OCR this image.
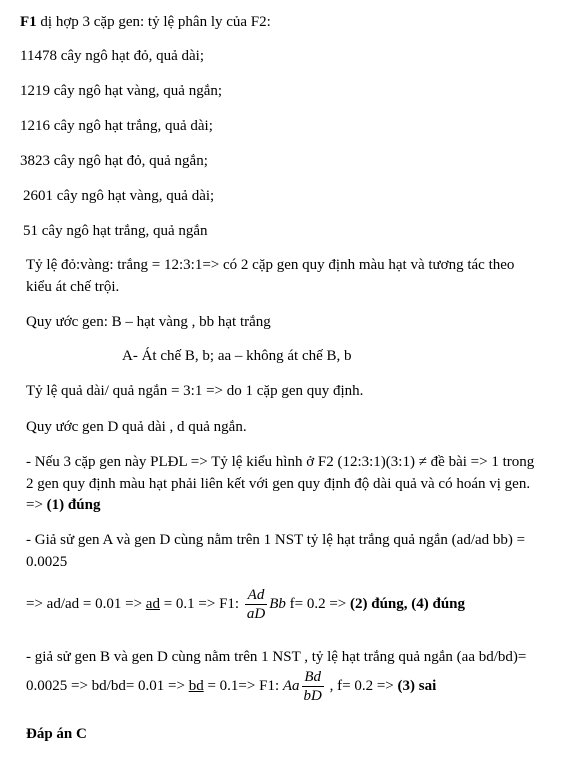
F1 dị hợp 3 cặp gen: tỷ lệ phân ly của F2:
11478 cây ngô hạt đỏ, quả dài;
1219 cây ngô hạt vàng, quả ngắn;
1216 cây ngô hạt trắng, quả dài;
3823 cây ngô hạt đỏ, quả ngắn;
2601 cây ngô hạt vàng, quả dài;
51 cây ngô hạt trắng, quả ngắn
Tỷ lệ đỏ:vàng: trắng = 12:3:1=> có 2 cặp gen quy định màu hạt và tương tác theo
kiểu át chế trội.
Quy ước gen: B – hạt vàng , bb hạt trắng
A- Át chế B, b; aa – không át chế B, b
Tỷ lệ quả dài/ quả ngắn = 3:1 => do 1 cặp gen quy định.
Quy ước gen D quả dài , d quả ngắn.
- Nếu 3 cặp gen này PLĐL => Tỷ lệ kiểu hình ở F2 (12:3:1)(3:1) ≠ đề bài => 1 trong
2 gen quy định màu hạt phải liên kết với gen quy định độ dài quả và có hoán vị gen.
=> (1) đúng
- Giả sử gen A và gen D cùng nằm trên 1 NST tỷ lệ hạt trắng quả ngắn (ad/ad bb) =
0.0025
=> ad/ad = 0.01 => ad = 0.1 => F1: $\frac{Ad}{aD}$ Bb f= 0.2 => (2) đúng, (4) đúng
- giả sử gen B và gen D cùng nằm trên 1 NST , tỷ lệ hạt trắng quả ngắn (aa bd/bd)=
0.0025 => bd/bd= 0.01 => bd = 0.1=> F1: Aa $\frac{Bd}{bD}$ , f= 0.2 => (3) sai
Đáp án C
